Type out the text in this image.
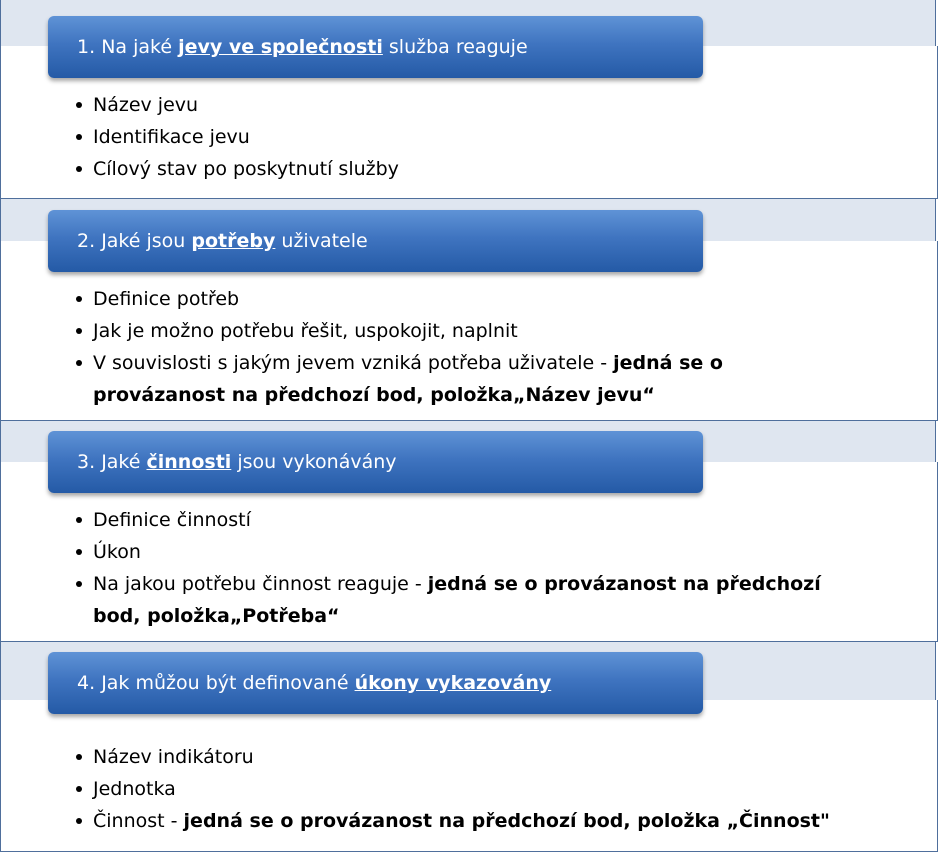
1. Na jaké jevy ve společnosti služba reaguje
Název jevu
Identifikace jevu
Cílový stav po poskytnutí služby
2. Jaké jsou potřeby uživatele
Definice potřeb
Jak je možno potřebu řešit, uspokojit, naplnit
V souvislosti s jakým jevem vzniká potřeba uživatele - jedná se o
provázanost na předchozí bod, položka„Název jevu“
3. Jaké činnosti jsou vykonávány
Definice činností
Úkon
Na jakou potřebu činnost reaguje - jedná se o provázanost na předchozí
bod, položka„Potřeba“
4. Jak můžou být definované úkony vykazovány
Název indikátoru
Jednotka
Činnost - jedná se o provázanost na předchozí bod, položka „Činnost"
